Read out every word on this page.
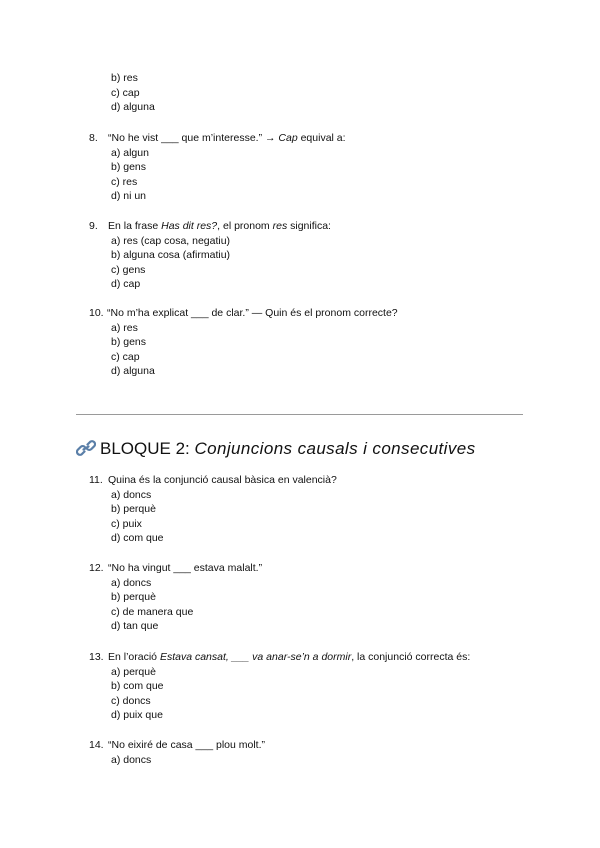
b) res
c) cap
d) alguna
8. “No he vist ___ que m’interesse.” → Cap equival a:
a) algun
b) gens
c) res
d) ni un
9. En la frase Has dit res?, el pronom res significa:
a) res (cap cosa, negatiu)
b) alguna cosa (afirmatiu)
c) gens
d) cap
10. “No m’ha explicat ___ de clar.” — Quin és el pronom correcte?
a) res
b) gens
c) cap
d) alguna
BLOQUE 2: Conjuncions causals i consecutives
11. Quina és la conjunció causal bàsica en valencià?
a) doncs
b) perquè
c) puix
d) com que
12. “No ha vingut ___ estava malalt.”
a) doncs
b) perquè
c) de manera que
d) tan que
13. En l’oració Estava cansat, ___ va anar-se’n a dormir, la conjunció correcta és:
a) perquè
b) com que
c) doncs
d) puix que
14. “No eixiré de casa ___ plou molt.”
a) doncs
